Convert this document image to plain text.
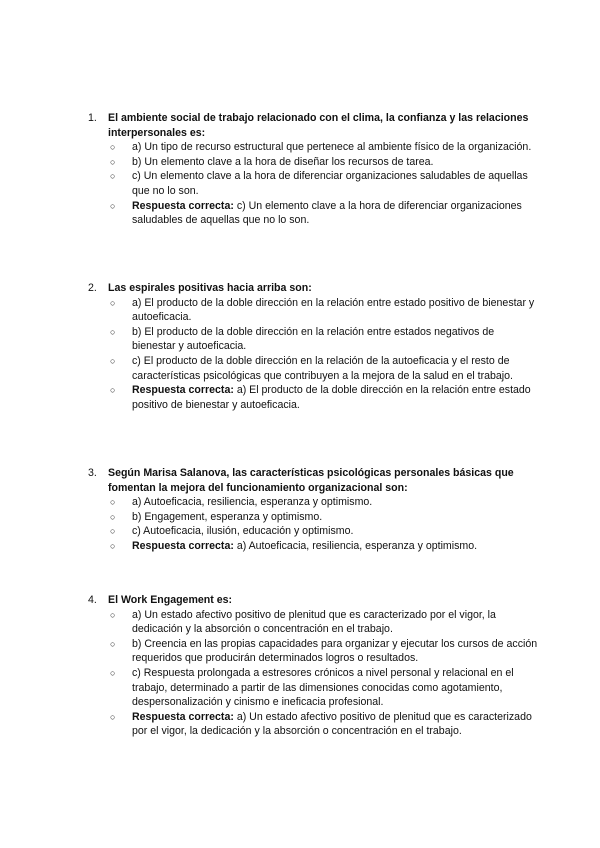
1.	El ambiente social de trabajo relacionado con el clima, la confianza y las relaciones interpersonales es:
○	a) Un tipo de recurso estructural que pertenece al ambiente físico de la organización.
○	b) Un elemento clave a la hora de diseñar los recursos de tarea.
○	c) Un elemento clave a la hora de diferenciar organizaciones saludables de aquellas que no lo son.
○	Respuesta correcta: c) Un elemento clave a la hora de diferenciar organizaciones saludables de aquellas que no lo son.
2.	Las espirales positivas hacia arriba son:
○	a) El producto de la doble dirección en la relación entre estado positivo de bienestar y autoeficacia.
○	b) El producto de la doble dirección en la relación entre estados negativos de bienestar y autoeficacia.
○	c) El producto de la doble dirección en la relación de la autoeficacia y el resto de características psicológicas que contribuyen a la mejora de la salud en el trabajo.
○	Respuesta correcta: a) El producto de la doble dirección en la relación entre estado positivo de bienestar y autoeficacia.
3.	Según Marisa Salanova, las características psicológicas personales básicas que fomentan la mejora del funcionamiento organizacional son:
○	a) Autoeficacia, resiliencia, esperanza y optimismo.
○	b) Engagement, esperanza y optimismo.
○	c) Autoeficacia, ilusión, educación y optimismo.
○	Respuesta correcta: a) Autoeficacia, resiliencia, esperanza y optimismo.
4.	El Work Engagement es:
○	a) Un estado afectivo positivo de plenitud que es caracterizado por el vigor, la dedicación y la absorción o concentración en el trabajo.
○	b) Creencia en las propias capacidades para organizar y ejecutar los cursos de acción requeridos que producirán determinados logros o resultados.
○	c) Respuesta prolongada a estresores crónicos a nivel personal y relacional en el trabajo, determinado a partir de las dimensiones conocidas como agotamiento, despersonalización y cinismo e ineficacia profesional.
○	Respuesta correcta: a) Un estado afectivo positivo de plenitud que es caracterizado por el vigor, la dedicación y la absorción o concentración en el trabajo.
